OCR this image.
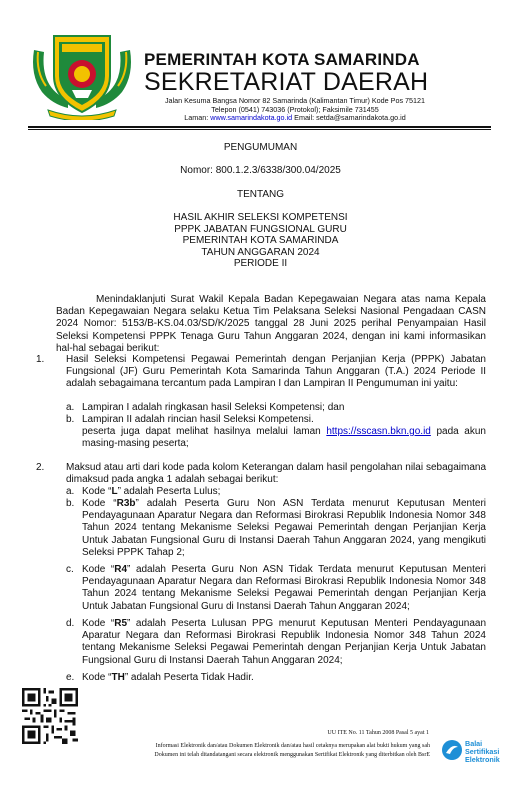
PEMERINTAH KOTA SAMARINDA
SEKRETARIAT DAERAH
Jalan Kesuma Bangsa Nomor 82 Samarinda (Kalimantan Timur) Kode Pos 75121
Telepon (0541) 743036 (Protokol); Faksimile 731455
Laman: www.samarindakota.go.id Email: setda@samarindakota.go.id
PENGUMUMAN
Nomor: 800.1.2.3/6338/300.04/2025
TENTANG
HASIL AKHIR SELEKSI KOMPETENSI
PPPK JABATAN FUNGSIONAL GURU
PEMERINTAH KOTA SAMARINDA
TAHUN ANGGARAN 2024
PERIODE II
Menindaklanjuti Surat Wakil Kepala Badan Kepegawaian Negara atas nama Kepala Badan Kepegawaian Negara selaku Ketua Tim Pelaksana Seleksi Nasional Pengadaan CASN 2024 Nomor: 5153/B-KS.04.03/SD/K/2025 tanggal 28 Juni 2025 perihal Penyampaian Hasil Seleksi Kompetensi PPPK Tenaga Guru Tahun Anggaran 2024, dengan ini kami informasikan hal-hal sebagai berikut:
1. Hasil Seleksi Kompetensi Pegawai Pemerintah dengan Perjanjian Kerja (PPPK) Jabatan Fungsional (JF) Guru Pemerintah Kota Samarinda Tahun Anggaran (T.A.) 2024 Periode II adalah sebagaimana tercantum pada Lampiran I dan Lampiran II Pengumuman ini yaitu:
a. Lampiran I adalah ringkasan hasil Seleksi Kompetensi; dan
b. Lampiran II adalah rincian hasil Seleksi Kompetensi.
peserta juga dapat melihat hasilnya melalui laman https://sscasn.bkn.go.id pada akun masing-masing peserta;
2. Maksud atau arti dari kode pada kolom Keterangan dalam hasil pengolahan nilai sebagaimana dimaksud pada angka 1 adalah sebagai berikut:
a. Kode “L” adalah Peserta Lulus;
b. Kode “R3b” adalah Peserta Guru Non ASN Terdata menurut Keputusan Menteri Pendayagunaan Aparatur Negara dan Reformasi Birokrasi Republik Indonesia Nomor 348 Tahun 2024 tentang Mekanisme Seleksi Pegawai Pemerintah dengan Perjanjian Kerja Untuk Jabatan Fungsional Guru di Instansi Daerah Tahun Anggaran 2024, yang mengikuti Seleksi PPPK Tahap 2;
c. Kode “R4” adalah Peserta Guru Non ASN Tidak Terdata menurut Keputusan Menteri Pendayagunaan Aparatur Negara dan Reformasi Birokrasi Republik Indonesia Nomor 348 Tahun 2024 tentang Mekanisme Seleksi Pegawai Pemerintah dengan Perjanjian Kerja Untuk Jabatan Fungsional Guru di Instansi Daerah Tahun Anggaran 2024;
d. Kode “R5” adalah Peserta Lulusan PPG menurut Keputusan Menteri Pendayagunaan Aparatur Negara dan Reformasi Birokrasi Republik Indonesia Nomor 348 Tahun 2024 tentang Mekanisme Seleksi Pegawai Pemerintah dengan Perjanjian Kerja Untuk Jabatan Fungsional Guru di Instansi Daerah Tahun Anggaran 2024;
e. Kode “TH” adalah Peserta Tidak Hadir.
UU ITE No. 11 Tahun 2008 Pasal 5 ayat 1
Informasi Elektronik dan/atau Dokumen Elektronik dan/atau hasil cetaknya merupakan alat bukti hukum yang sah
Dokumen ini telah ditandatangani secara elektronik menggunakan Sertifikat Elektronik yang diterbitkan oleh BsrE
Balai
Sertifikasi
Elektronik
